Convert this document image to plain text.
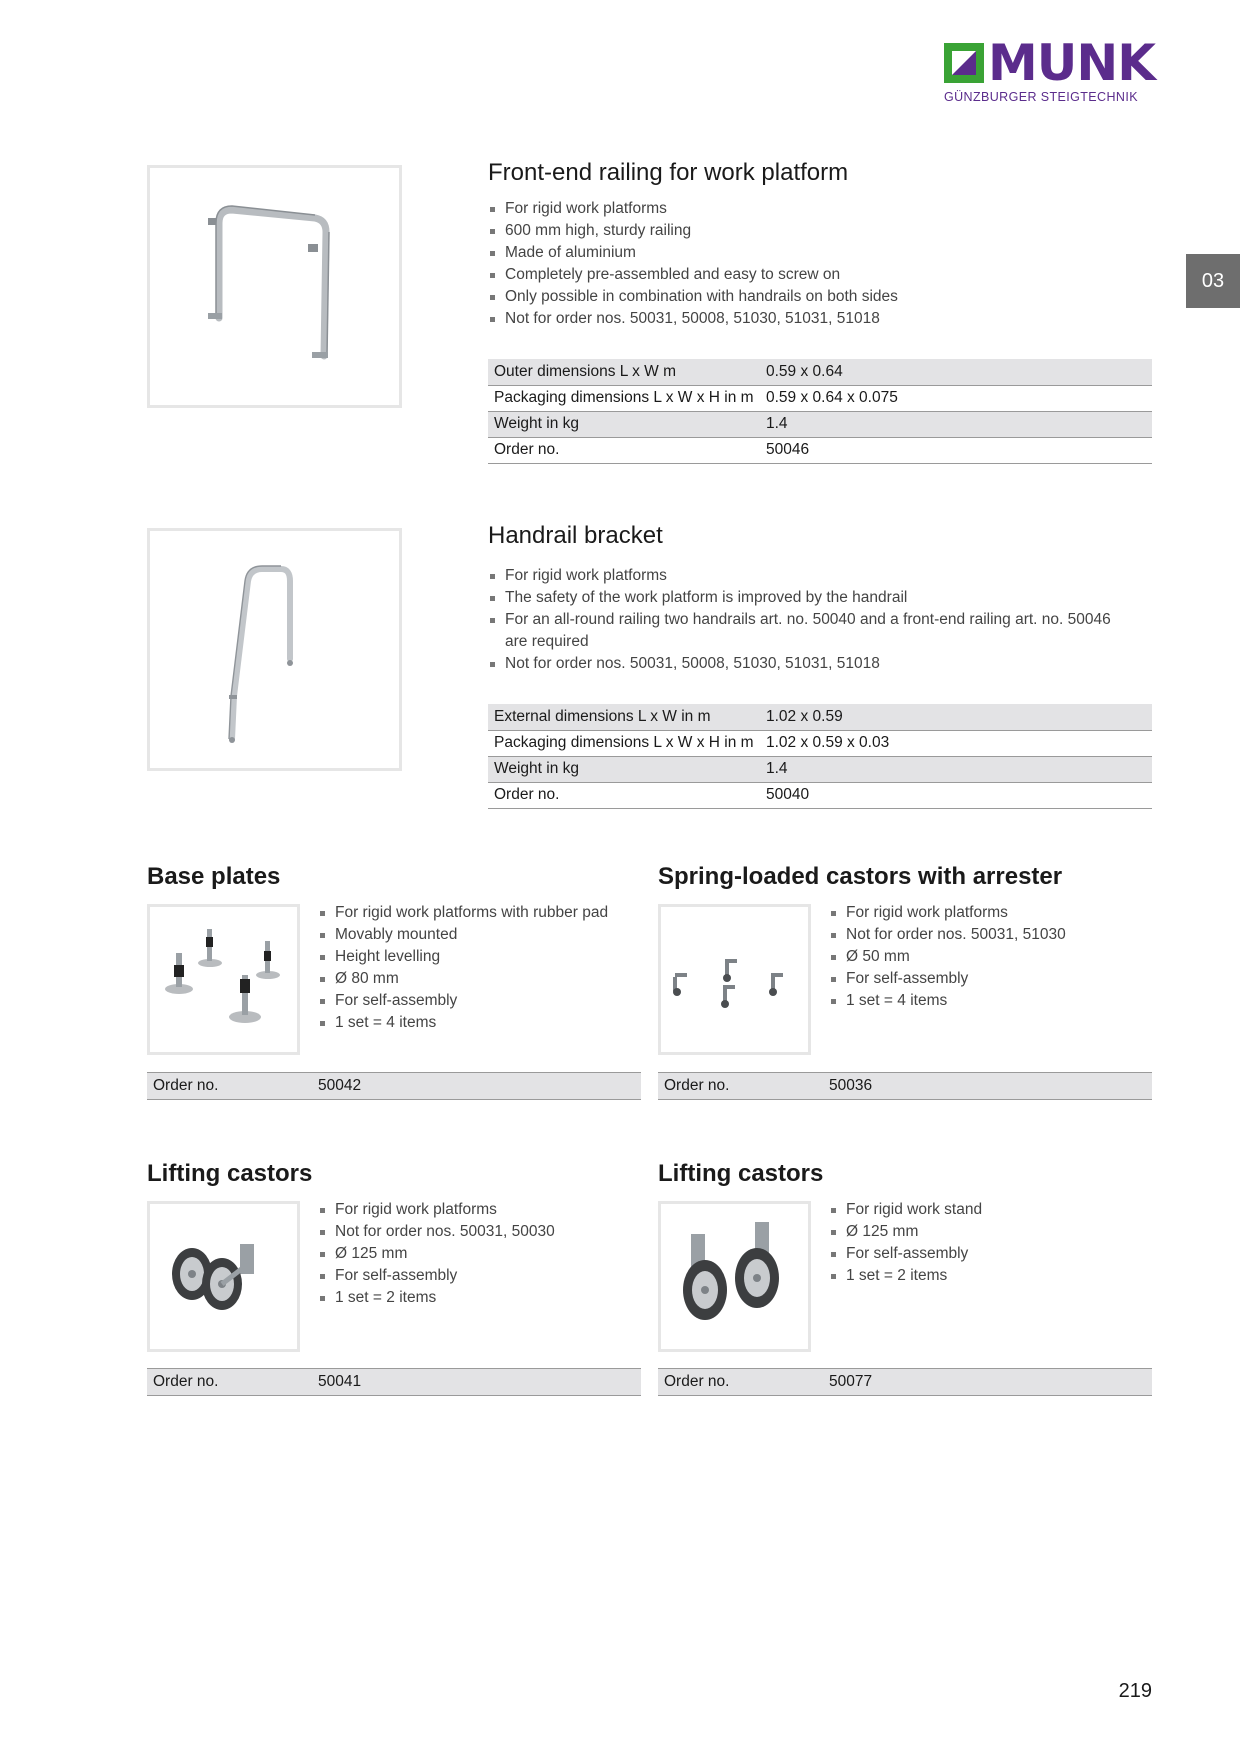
MUNK
GÜNZBURGER STEIGTECHNIK
03
Front-end railing for work platform
For rigid work platforms
600 mm high, sturdy railing
Made of aluminium
Completely pre-assembled and easy to screw on
Only possible in combination with handrails on both sides
Not for order nos. 50031, 50008, 51030, 51031, 51018
Outer dimensions L x W m	0.59 x 0.64
Packaging dimensions L x W x H in m	0.59 x 0.64 x 0.075
Weight in kg	1.4
Order no.	50046
Handrail bracket
For rigid work platforms
The safety of the work platform is improved by the handrail
For an all-round railing two handrails art. no. 50040 and a front-end railing art. no. 50046 are required
Not for order nos. 50031, 50008, 51030, 51031, 51018
External dimensions L x W in m	1.02 x 0.59
Packaging dimensions L x W x H in m	1.02 x 0.59 x 0.03
Weight in kg	1.4
Order no.	50040
Base plates
For rigid work platforms with rubber pad
Movably mounted
Height levelling
Ø 80 mm
For self-assembly
1 set = 4 items
Order no.	50042
Spring-loaded castors with arrester
For rigid work platforms
Not for order nos. 50031, 51030
Ø 50 mm
For self-assembly
1 set = 4 items
Order no.	50036
Lifting castors
For rigid work platforms
Not for order nos. 50031, 50030
Ø 125 mm
For self-assembly
1 set = 2 items
Order no.	50041
Lifting castors
For rigid work stand
Ø 125 mm
For self-assembly
1 set = 2 items
Order no.	50077
219
